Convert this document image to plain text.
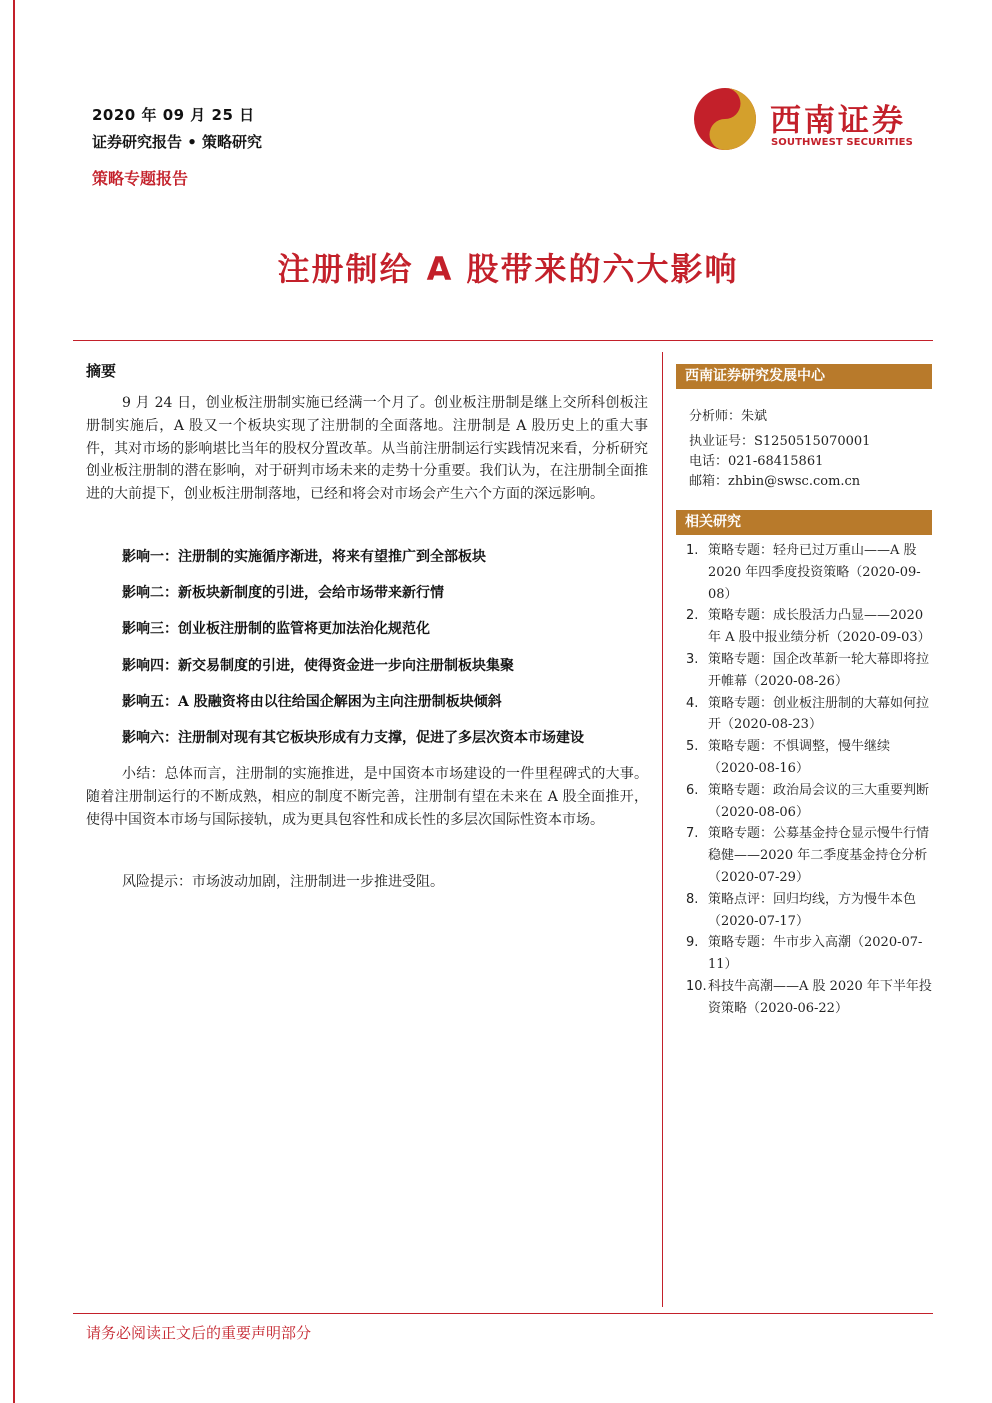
2020 年 09 月 25 日
证券研究报告 • 策略研究
策略专题报告
西南证券
SOUTHWEST SECURITIES
注册制给 A 股带来的六大影响
摘要
9 月 24 日，创业板注册制实施已经满一个月了。创业板注册制是继上交所科创板注册制实施后，A 股又一个板块实现了注册制的全面落地。注册制是 A 股历史上的重大事件，其对市场的影响堪比当年的股权分置改革。从当前注册制运行实践情况来看，分析研究创业板注册制的潜在影响，对于研判市场未来的走势十分重要。我们认为，在注册制全面推进的大前提下，创业板注册制落地，已经和将会对市场会产生六个方面的深远影响。
影响一：注册制的实施循序渐进，将来有望推广到全部板块
影响二：新板块新制度的引进，会给市场带来新行情
影响三：创业板注册制的监管将更加法治化规范化
影响四：新交易制度的引进，使得资金进一步向注册制板块集聚
影响五：A 股融资将由以往给国企解困为主向注册制板块倾斜
影响六：注册制对现有其它板块形成有力支撑，促进了多层次资本市场建设
小结：总体而言，注册制的实施推进，是中国资本市场建设的一件里程碑式的大事。随着注册制运行的不断成熟，相应的制度不断完善，注册制有望在未来在 A 股全面推开，使得中国资本市场与国际接轨，成为更具包容性和成长性的多层次国际性资本市场。
风险提示：市场波动加剧，注册制进一步推进受阻。
西南证券研究发展中心
分析师：朱斌
执业证号：S1250515070001
电话：021-68415861
邮箱：zhbin@swsc.com.cn
相关研究
1. 策略专题：轻舟已过万重山——A 股 2020 年四季度投资策略（2020-09-08）
2. 策略专题：成长股活力凸显——2020 年 A 股中报业绩分析（2020-09-03）
3. 策略专题：国企改革新一轮大幕即将拉开帷幕（2020-08-26）
4. 策略专题：创业板注册制的大幕如何拉开（2020-08-23）
5. 策略专题：不惧调整，慢牛继续（2020-08-16）
6. 策略专题：政治局会议的三大重要判断（2020-08-06）
7. 策略专题：公募基金持仓显示慢牛行情稳健——2020 年二季度基金持仓分析（2020-07-29）
8. 策略点评：回归均线，方为慢牛本色（2020-07-17）
9. 策略专题：牛市步入高潮（2020-07-11）
10. 科技牛高潮——A 股 2020 年下半年投资策略（2020-06-22）
请务必阅读正文后的重要声明部分
